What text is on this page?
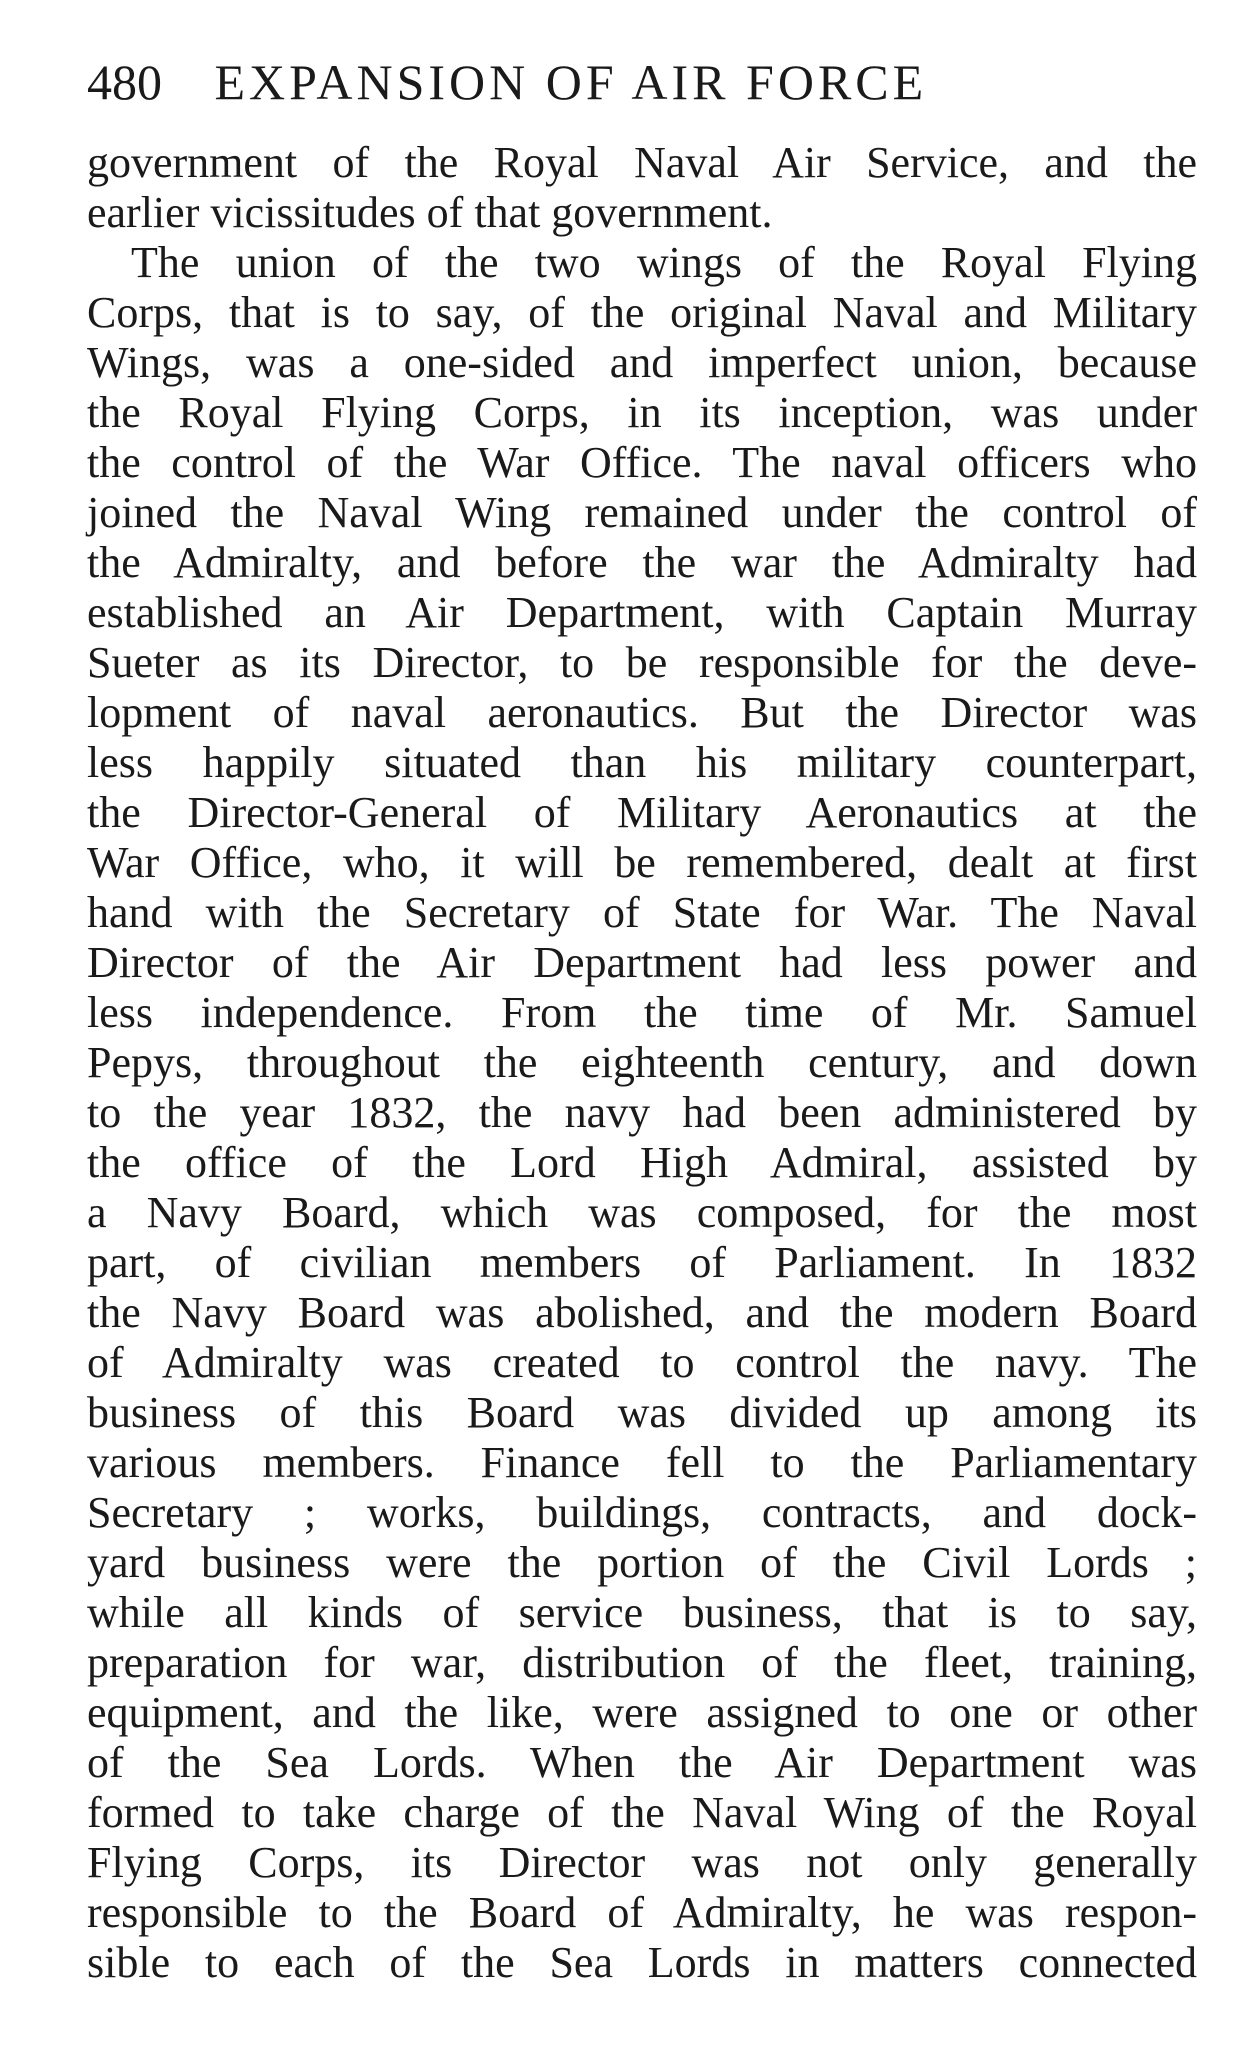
480 EXPANSION OF AIR FORCE
government of the Royal Naval Air Service, and the
earlier vicissitudes of that government.
The union of the two wings of the Royal Flying
Corps, that is to say, of the original Naval and Military
Wings, was a one-sided and imperfect union, because
the Royal Flying Corps, in its inception, was under
the control of the War Office. The naval officers who
joined the Naval Wing remained under the control of
the Admiralty, and before the war the Admiralty had
established an Air Department, with Captain Murray
Sueter as its Director, to be responsible for the deve-
lopment of naval aeronautics. But the Director was
less happily situated than his military counterpart,
the Director-General of Military Aeronautics at the
War Office, who, it will be remembered, dealt at first
hand with the Secretary of State for War. The Naval
Director of the Air Department had less power and
less independence. From the time of Mr. Samuel
Pepys, throughout the eighteenth century, and down
to the year 1832, the navy had been administered by
the office of the Lord High Admiral, assisted by
a Navy Board, which was composed, for the most
part, of civilian members of Parliament. In 1832
the Navy Board was abolished, and the modern Board
of Admiralty was created to control the navy. The
business of this Board was divided up among its
various members. Finance fell to the Parliamentary
Secretary ; works, buildings, contracts, and dock-
yard business were the portion of the Civil Lords ;
while all kinds of service business, that is to say,
preparation for war, distribution of the fleet, training,
equipment, and the like, were assigned to one or other
of the Sea Lords. When the Air Department was
formed to take charge of the Naval Wing of the Royal
Flying Corps, its Director was not only generally
responsible to the Board of Admiralty, he was respon-
sible to each of the Sea Lords in matters connected
